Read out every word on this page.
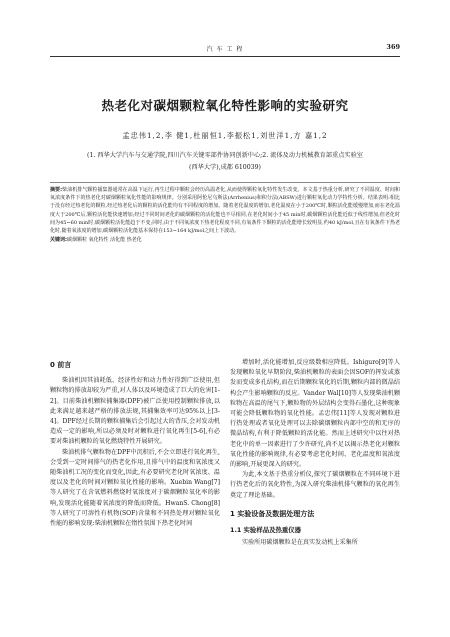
汽 车 工 程	369
热老化对碳烟颗粒氧化特性影响的实验研究
孟忠伟1,2,李 健1,杜丽恒1,李振松1,刘世洋1,方 嘉1,2
(1. 西华大学汽车与交通学院,四川汽车关键零部件协同创新中心;2. 流体及动力机械教育部重点实验室
(西华大学),成都 610039)
摘要:柴油机排气颗粒捕集器通常在高温下运行,再生过程中颗粒会经历高温老化,从而使得颗粒氧化特性发生改变。本文基于热重分析,研究了不同温度、时间和氧浓度条件下的热老化对碳烟颗粒氧化性能的影响规律。分别采用阿伦尼乌斯法(Arrhenius)和积分法(ABSW)进行颗粒氧化动力学特性分析。结果表明:相比于没有经过热老化的颗粒,经过热老化后的颗粒的活化能均有不同程度的增加。随着老化温度的增加,老化温度在小于200℃时,颗粒活化能缓慢增加,而在老化温度大于200℃后,颗粒活化能快速增加;经过不同时间老化的碳烟颗粒的活化能也不尽相同,在老化时间小于45 min时,碳烟颗粒活化能近似于线性增加;但老化时间为45~60 min时,碳烟颗粒活化能趋于不变;同时,由于不同氧浓度下热老化程度不同,有氧条件下颗粒的活化能增长较明显,约40 kJ/mol,且在有氧条件下热老化时,随着氧浓度的增加,碳烟颗粒活化能基本保持在153~164 kJ/mol之间上下波动。
关键词:碳烟颗粒 氧化特性 活化能 热老化
0 前言

柴油机因其油耗低、经济性好和动力性好得到广泛使用,但颗粒物的排放却较为严重,对人体以及环境造成了巨大的危害[1-2]。目前柴油机颗粒捕集器(DPF)被广泛使用控制颗粒排放,以此来满足越来越严格的排放法规,其捕集效率可达95%以上[3-4]。DPF经过长期的颗粒捕集后会引起过大的背压,会对发动机造成一定的影响,所以必须及时对颗粒进行氧化再生[5-6],有必要对柴油机颗粒的氧化燃烧特性开展研究。

柴油机排气颗粒物在DPF中沉积后,不会立即进行氧化再生,会受到一定时间排气的热老化作用,且排气中的温度和氧浓度又随柴油机工况的变化而变化,因此,有必要研究老化时氧浓度、温度以及老化的时间对颗粒氧化性能的影响。Xuebin Wang[7]等人研究了在含氧燃料燃烧时氧浓度对于碳烟颗粒氧化率的影响,发现活化能随着氧浓度的降低而降低。HwanS. Chong[8]等人研究了可溶性有机物(SOF)含量和不同热处理对颗粒氧化性能的影响发现:柴油机颗粒在惰性氛围下热老化时间

增加时,活化能增加,反应级数相应降低。Ishiguro[9]等人发现颗粒氧化早期阶段,柴油机颗粒的表面会因SOF的挥发或蒸发而变成多孔结构,而在后期颗粒氧化的后期,颗粒内部的微晶结构会产生影响颗粒的反应。Vander Wal[10]等人发现柴油机颗粒物在高温的尾气下,颗粒物的外层结构会变得石墨化,这种现象可能会降低颗粒物的氧化性能。孟忠伟[11]等人发现对颗粒进行热处理或者氧化处理可以去除碳烟颗粒内部中空的和无序的微晶结构,有利于降低颗粒的活化能。然而上述研究中以往对热老化中的单一因素进行了少许研究,尚不足以揭示热老化对颗粒氧化性能的影响规律,有必要考虑老化时间、老化温度和氧浓度的影响,开展更深入的研究。

为此,本文基于热重分析仪,探究了碳烟颗粒在不同环境下进行热老化后的氧化特性,为深入研究柴油机排气颗粒的氧化再生奠定了理论基础。

1 实验设备及数据处理方法
1.1 实验样品及热重仪器

实验所用碳烟颗粒是在真实发动机上采集所
